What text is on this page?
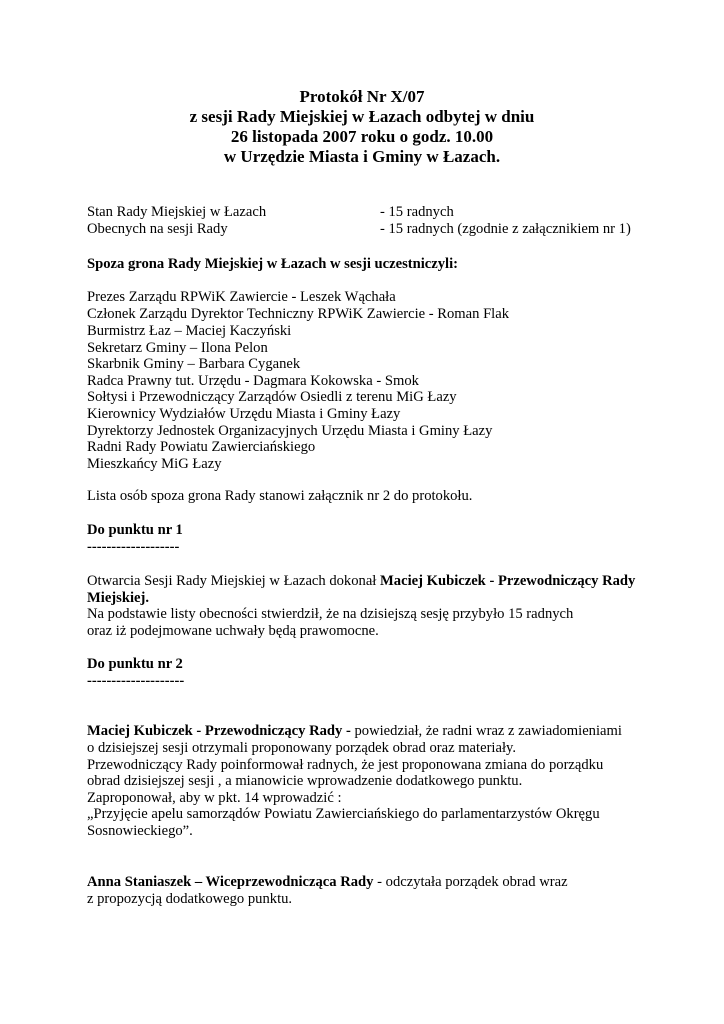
Protokół Nr X/07
z sesji Rady Miejskiej w Łazach odbytej w dniu
26 listopada 2007 roku o godz. 10.00
w Urzędzie Miasta i Gminy w Łazach.
Stan Rady Miejskiej w Łazach	- 15 radnych
Obecnych na sesji Rady	- 15 radnych (zgodnie z załącznikiem nr 1)
Spoza grona Rady Miejskiej w Łazach w sesji uczestniczyli:
Prezes Zarządu RPWiK Zawiercie - Leszek Wąchała
Członek Zarządu Dyrektor Techniczny RPWiK Zawiercie - Roman Flak
Burmistrz Łaz – Maciej Kaczyński
Sekretarz Gminy – Ilona Pelon
Skarbnik Gminy – Barbara Cyganek
Radca Prawny tut. Urzędu - Dagmara Kokowska - Smok
Sołtysi i Przewodniczący Zarządów Osiedli z terenu MiG Łazy
Kierownicy Wydziałów Urzędu Miasta i Gminy Łazy
Dyrektorzy Jednostek Organizacyjnych Urzędu Miasta i Gminy Łazy
Radni Rady Powiatu Zawierciańskiego
Mieszkańcy MiG Łazy
Lista osób spoza grona Rady stanowi załącznik nr 2 do protokołu.
Do punktu nr 1
-------------------
Otwarcia Sesji Rady Miejskiej w Łazach dokonał Maciej Kubiczek - Przewodniczący Rady
Miejskiej.
Na podstawie listy obecności stwierdził, że na dzisiejszą sesję przybyło 15 radnych
oraz iż podejmowane uchwały będą prawomocne.
Do punktu nr 2
--------------------
Maciej Kubiczek - Przewodniczący Rady - powiedział, że radni wraz z zawiadomieniami
o dzisiejszej sesji otrzymali proponowany porządek obrad oraz materiały.
Przewodniczący Rady poinformował radnych, że jest proponowana zmiana do porządku
obrad dzisiejszej sesji , a mianowicie wprowadzenie dodatkowego punktu.
Zaproponował, aby w pkt. 14 wprowadzić :
„Przyjęcie apelu samorządów Powiatu Zawierciańskiego do parlamentarzystów Okręgu
Sosnowieckiego”.
Anna Staniaszek – Wiceprzewodnicząca Rady - odczytała porządek obrad wraz
z propozycją dodatkowego punktu.
